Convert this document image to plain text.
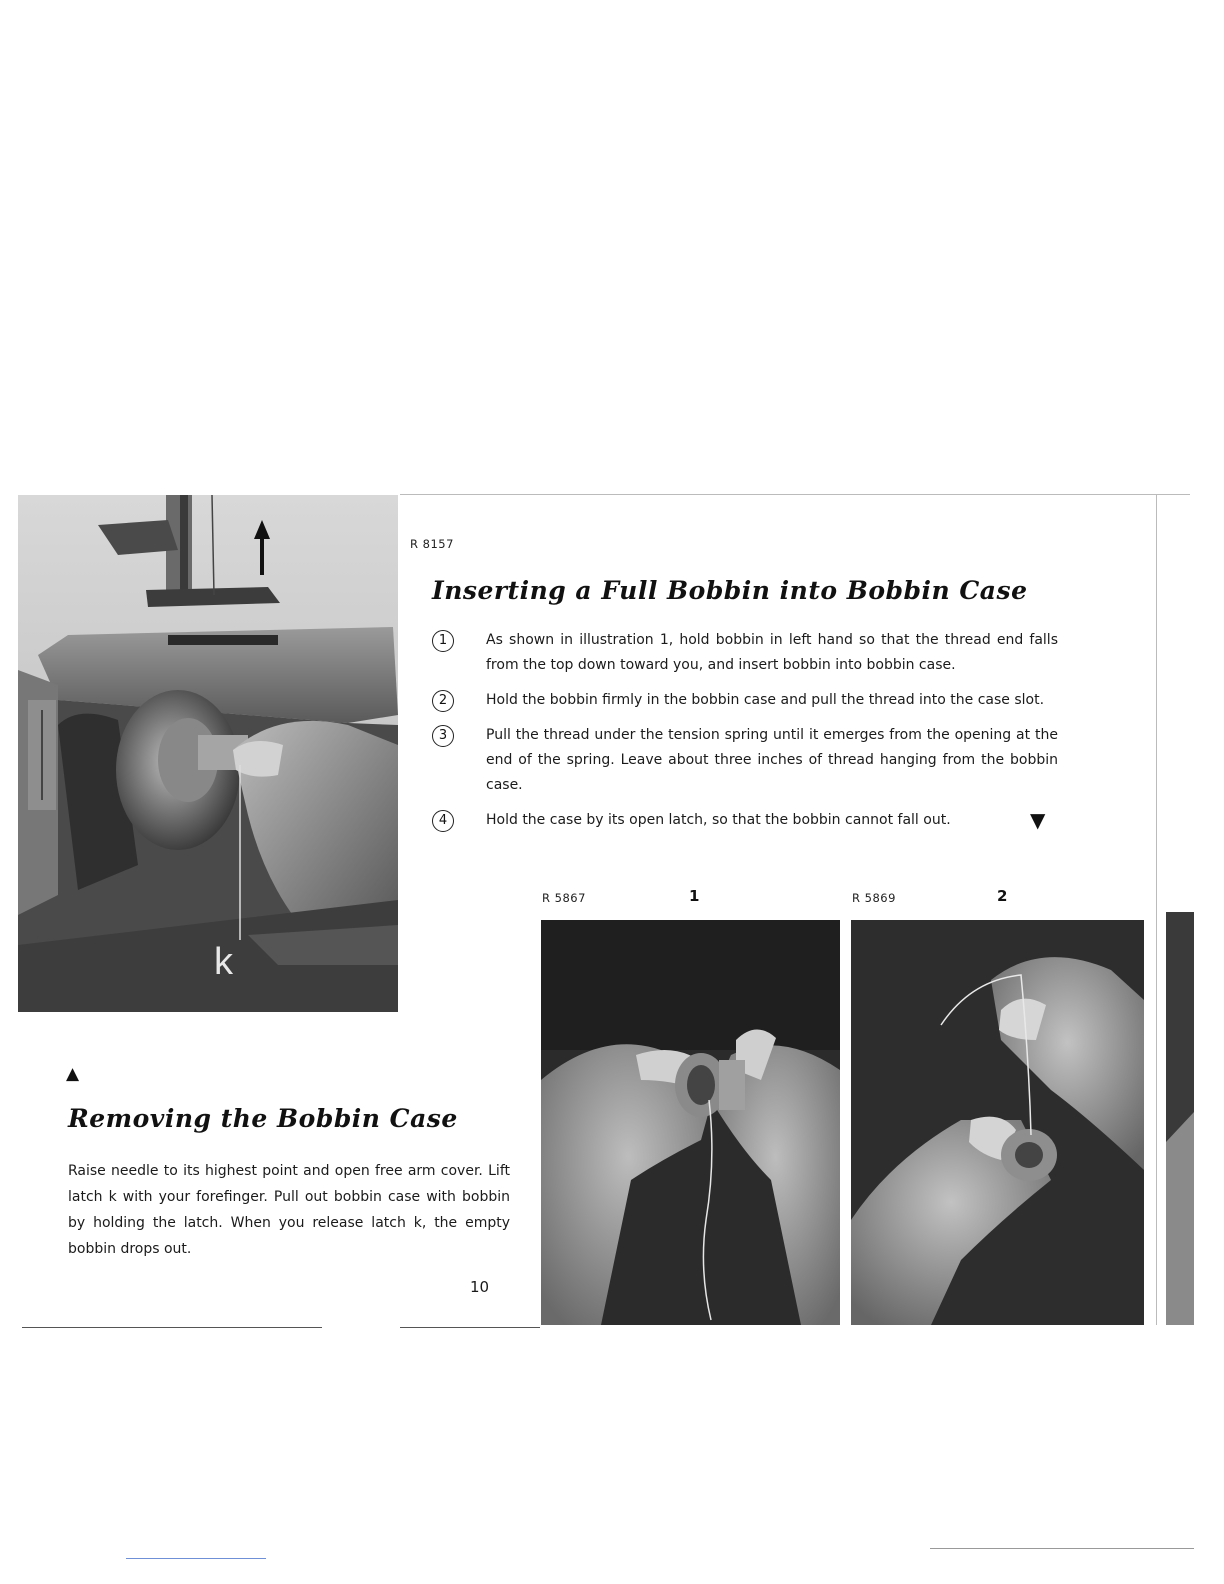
k
R 8157
Inserting a Full Bobbin into Bobbin Case
1	As shown in illustration 1, hold bobbin in left hand so that the thread end falls from the top down toward you, and insert bobbin into bobbin case.
2	Hold the bobbin firmly in the bobbin case and pull the thread into the case slot.
3	Pull the thread under the tension spring until it emerges from the opening at the end of the spring. Leave about three inches of thread hanging from the bobbin case.
4	Hold the case by its open latch, so that the bobbin cannot fall out.	▼
R 5867	1	R 5869	2
▲
Removing the Bobbin Case
Raise needle to its highest point and open free arm cover. Lift latch k with your forefinger. Pull out bobbin case with bobbin by holding the latch. When you release latch k, the empty bobbin drops out.
10
